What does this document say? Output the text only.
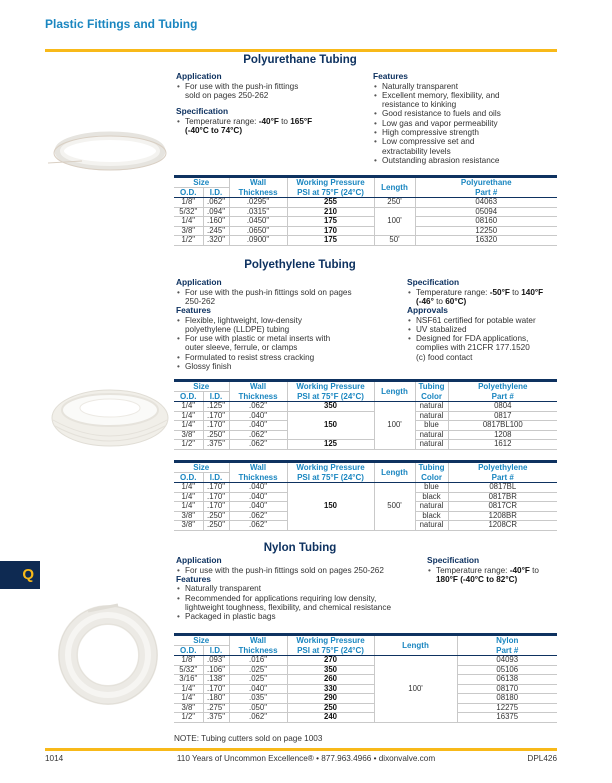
Plastic Fittings and Tubing
Polyurethane Tubing
Application
• For use with the push-in fittings sold on pages 250-262
Specification
• Temperature range: -40°F to 165°F (-40°C to 74°C)
Features
• Naturally transparent
• Excellent memory, flexibility, and resistance to kinking
• Good resistance to fuels and oils
• Low gas and vapor permeability
• High compressive strength
• Low compressive set and extractability levels
• Outstanding abrasion resistance
Size		Wall	Working Pressure	Length	Polyurethane
O.D.	I.D.	Thickness	PSI at 75°F (24°C)		Part #
1/8"	.062"	.0295"	255	250'	04063
5/32"	.094"	.0315"	210	100'	05094
1/4"	.160"	.0450"	175		08160
3/8"	.245"	.0650"	170		12250
1/2"	.320"	.0900"	175	50'	16320
Polyethylene Tubing
Application
• For use with the push-in fittings sold on pages 250-262
Features
• Flexible, lightweight, low-density polyethylene (LLDPE) tubing
• For use with plastic or metal inserts with outer sleeve, ferrule, or clamps
• Formulated to resist stress cracking
• Glossy finish
Specification
• Temperature range: -50°F to 140°F
(-46° to 60°C)
Approvals
• NSF61 certified for potable water
• UV stabalized
• Designed for FDA applications, complies with 21CFR 177.1520 (c) food contact
Size		Wall	Working Pressure	Length	Tubing	Polyethylene
O.D.	I.D.	Thickness	PSI at 75°F (24°C)		Color	Part #
1/4"	.125"	.062"	350	100'	natural	0804
1/4"	.170"	.040"	150		natural	0817
1/4"	.170"	.040"			blue	0817BL100
3/8"	.250"	.062"			natural	1208
1/2"	.375"	.062"	125		natural	1612
Size		Wall	Working Pressure	Length	Tubing	Polyethylene
O.D.	I.D.	Thickness	PSI at 75°F (24°C)		Color	Part #
1/4"	.170"	.040"	150	500'	blue	0817BL
1/4"	.170"	.040"			black	0817BR
1/4"	.170"	.040"			natural	0817CR
3/8"	.250"	.062"			black	1208BR
3/8"	.250"	.062"			natural	1208CR
Q
Nylon Tubing
Application
• For use with the push-in fittings sold on pages 250-262
Features
• Naturally transparent
• Recommended for applications requiring low density, lightweight toughness, flexibility, and chemical resistance
• Packaged in plastic bags
Specification
• Temperature range: -40°F to 180°F (-40°C to 82°C)
Size		Wall	Working Pressure	Length	Nylon
O.D.	I.D.	Thickness	PSI at 75°F (24°C)		Part #
1/8"	.093"	.016"	270	100'	04093
5/32"	.106"	.025"	350		05106
3/16"	.138"	.025"	260		06138
1/4"	.170"	.040"	330		08170
1/4"	.180"	.035"	290		08180
3/8"	.275"	.050"	250		12275
1/2"	.375"	.062"	240		16375
NOTE: Tubing cutters sold on page 1003
1014	110 Years of Uncommon Excellence® • 877.963.4966 • dixonvalve.com	DPL426
